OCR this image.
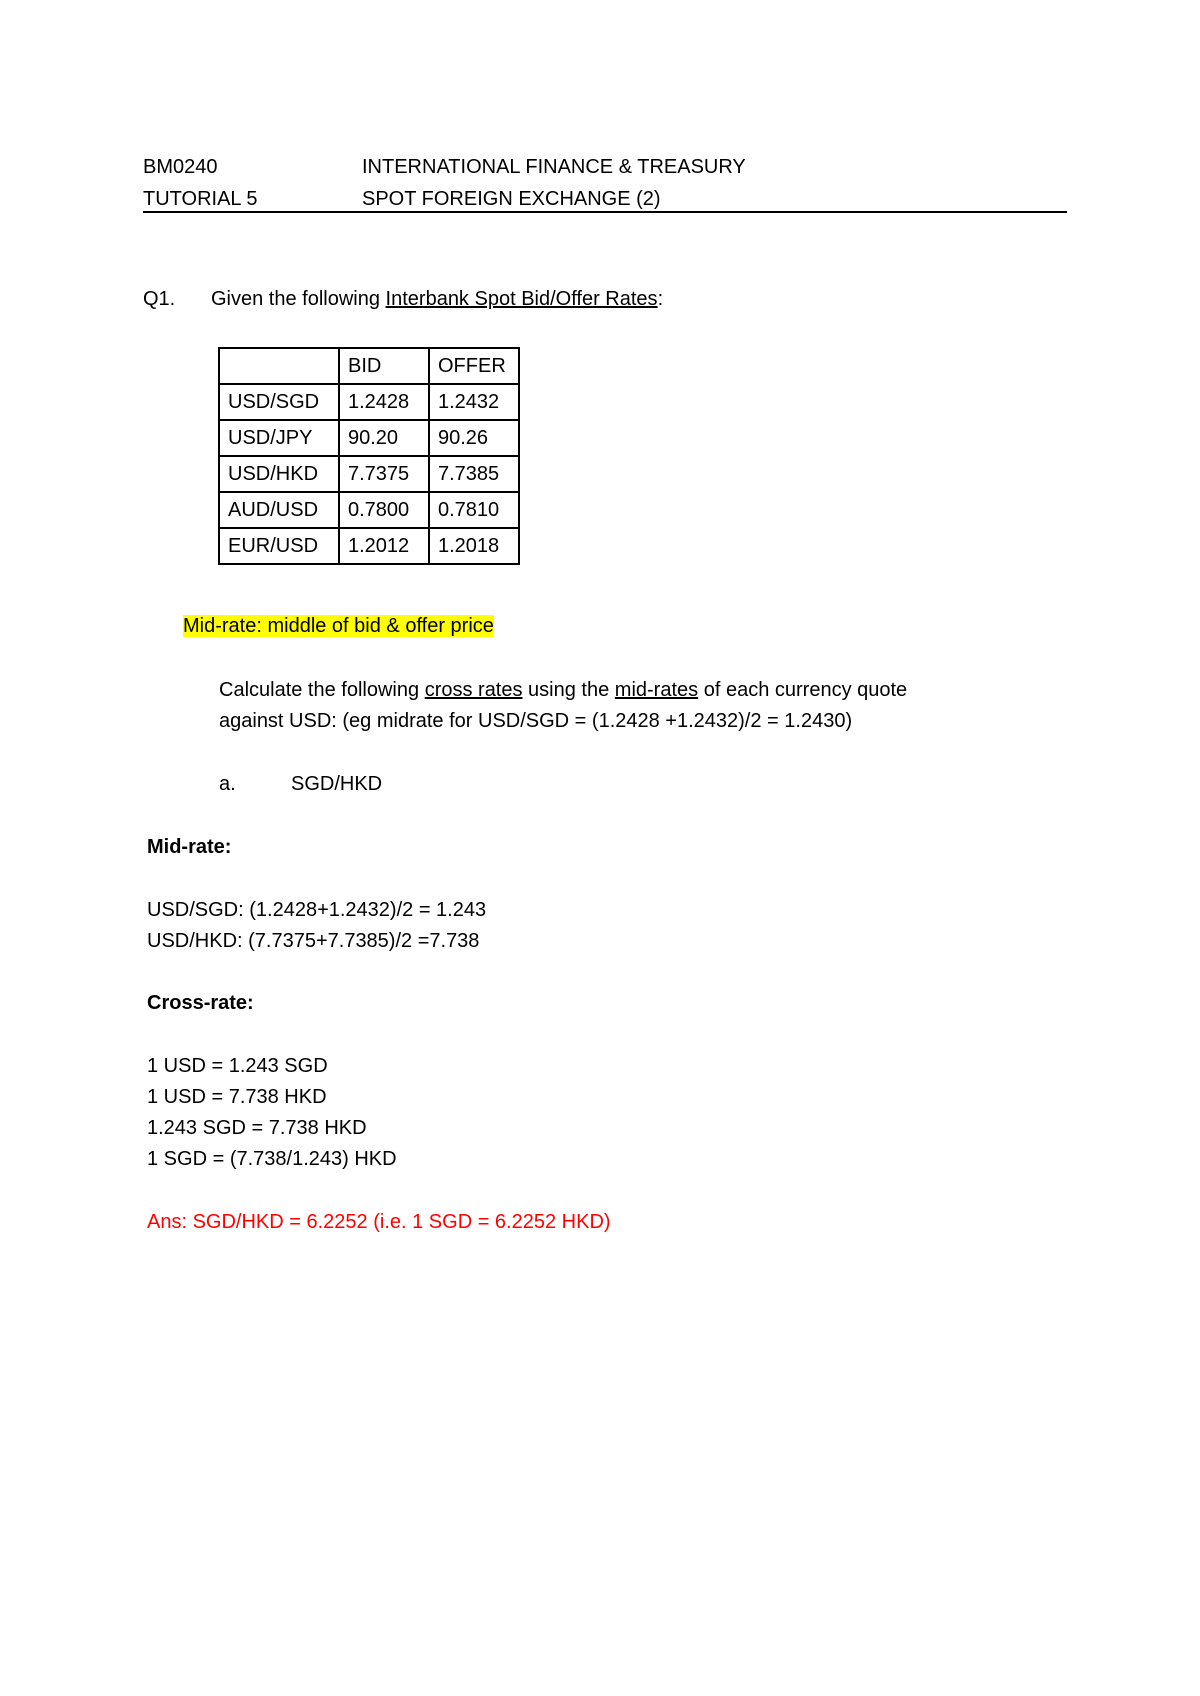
BM0240	INTERNATIONAL FINANCE & TREASURY
TUTORIAL 5	SPOT FOREIGN EXCHANGE (2)
Q1. Given the following Interbank Spot Bid/Offer Rates:
	BID	OFFER
USD/SGD	1.2428	1.2432
USD/JPY	90.20	90.26
USD/HKD	7.7375	7.7385
AUD/USD	0.7800	0.7810
EUR/USD	1.2012	1.2018
Mid-rate: middle of bid & offer price
Calculate the following cross rates using the mid-rates of each currency quote
against USD: (eg midrate for USD/SGD = (1.2428 +1.2432)/2 = 1.2430)
a.	SGD/HKD
Mid-rate:
USD/SGD: (1.2428+1.2432)/2 = 1.243
USD/HKD: (7.7375+7.7385)/2 =7.738
Cross-rate:
1 USD = 1.243 SGD
1 USD = 7.738 HKD
1.243 SGD = 7.738 HKD
1 SGD = (7.738/1.243) HKD
Ans: SGD/HKD = 6.2252 (i.e. 1 SGD = 6.2252 HKD)
